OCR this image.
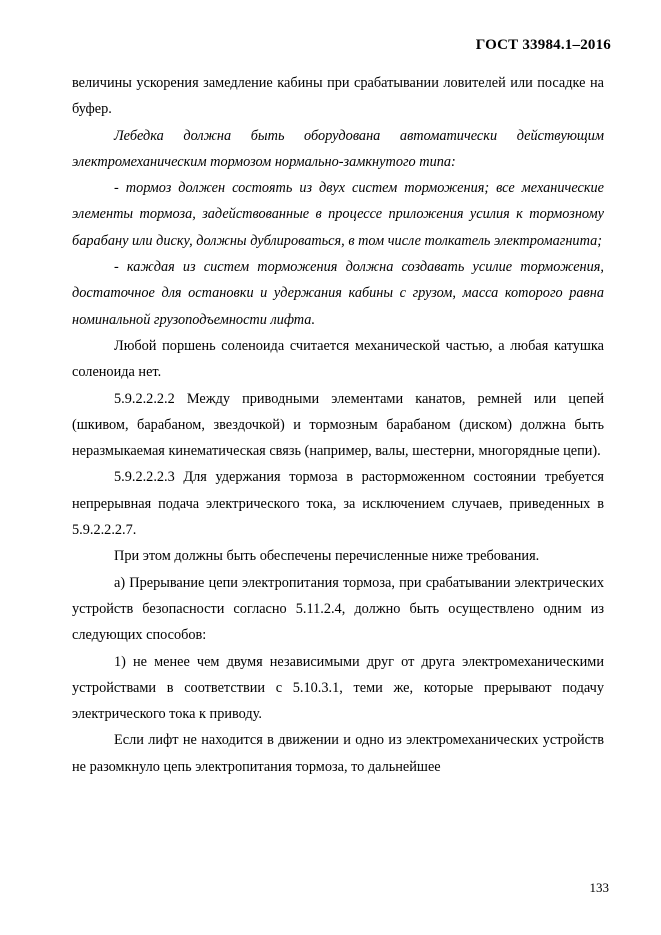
ГОСТ 33984.1–2016

величины ускорения замедление кабины при срабатывании ловителей или посадке на буфер.

Лебедка должна быть оборудована автоматически действующим электромеханическим тормозом нормально-замкнутого типа:

- тормоз должен состоять из двух систем торможения; все механические элементы тормоза, задействованные в процессе приложения усилия к тормозному барабану или диску, должны дублироваться, в том числе толкатель электромагнита;

- каждая из систем торможения должна создавать усилие торможения, достаточное для остановки и удержания кабины с грузом, масса которого равна номинальной грузоподъемности лифта.

Любой поршень соленоида считается механической частью, а любая катушка соленоида нет.

5.9.2.2.2.2 Между приводными элементами канатов, ремней или цепей (шкивом, барабаном, звездочкой) и тормозным барабаном (диском) должна быть неразмыкаемая кинематическая связь (например, валы, шестерни, многорядные цепи).

5.9.2.2.2.3 Для удержания тормоза в расторможенном состоянии требуется непрерывная подача электрического тока, за исключением случаев, приведенных в 5.9.2.2.2.7.

При этом должны быть обеспечены перечисленные ниже требования.

а) Прерывание цепи электропитания тормоза, при срабатывании электрических устройств безопасности согласно 5.11.2.4, должно быть осуществлено одним из следующих способов:

1) не менее чем двумя независимыми друг от друга электромеханическими устройствами в соответствии с 5.10.3.1, теми же, которые прерывают подачу электрического тока к приводу.

Если лифт не находится в движении и одно из электромеханических устройств не разомкнуло цепь электропитания тормоза, то дальнейшее

133
